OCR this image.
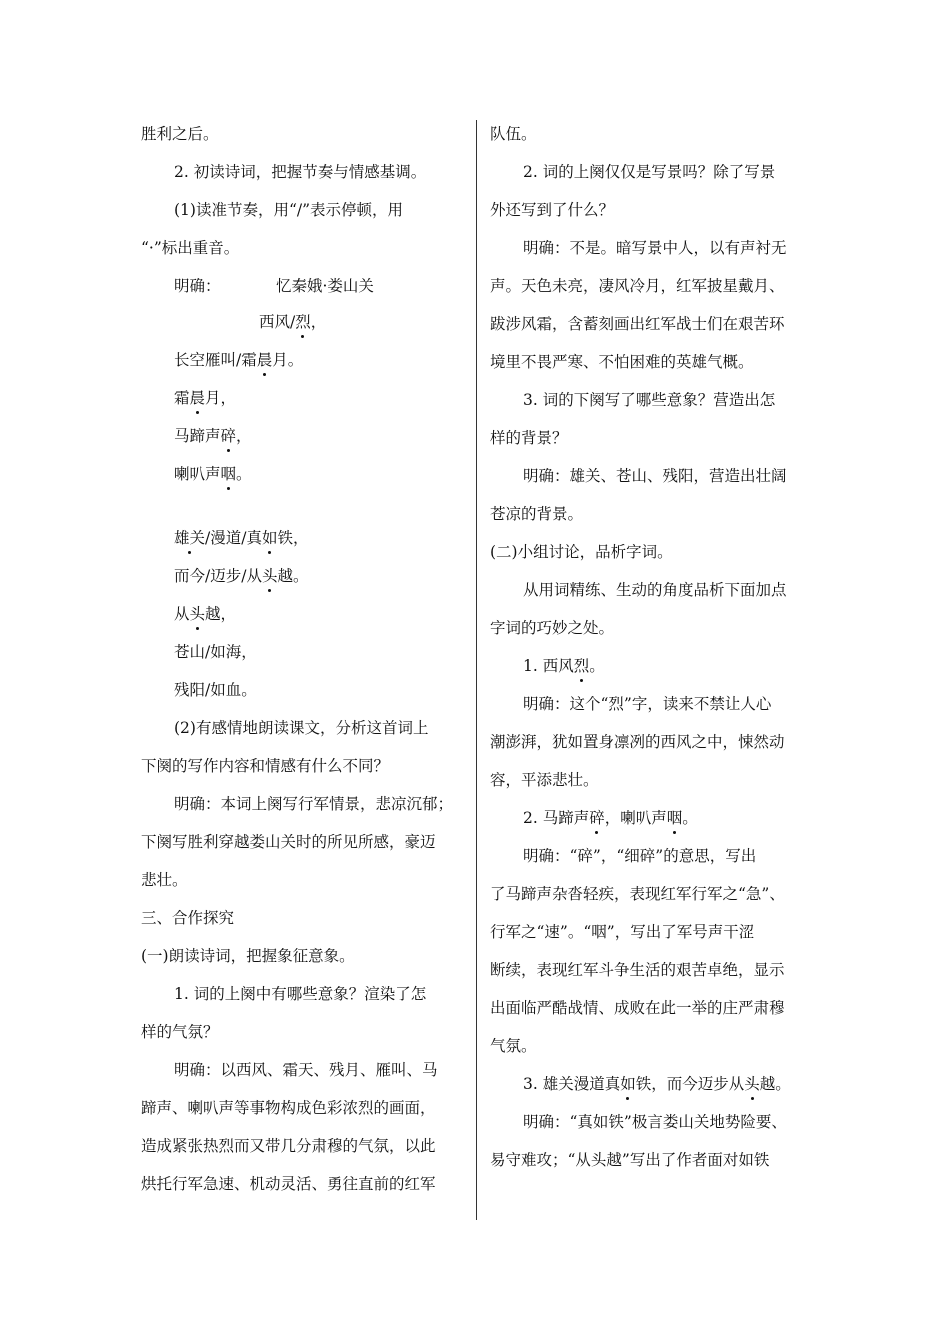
胜利之后。
2. 初读诗词，把握节奏与情感基调。
(1)读准节奏，用“/”表示停顿，用
“·”标出重音。
明确：	忆秦娥·娄山关
西风/烈，
长空雁叫/霜晨月。
霜晨月，
马蹄声碎，
喇叭声咽。
雄关/漫道/真如铁，
而今/迈步/从头越。
从头越，
苍山/如海，
残阳/如血。
(2)有感情地朗读课文，分析这首词上
下阕的写作内容和情感有什么不同？
明确：本词上阕写行军情景，悲凉沉郁；
下阕写胜利穿越娄山关时的所见所感，豪迈
悲壮。
三、合作探究
(一)朗读诗词，把握象征意象。
1. 词的上阕中有哪些意象？渲染了怎
样的气氛？
明确：以西风、霜天、残月、雁叫、马
蹄声、喇叭声等事物构成色彩浓烈的画面，
造成紧张热烈而又带几分肃穆的气氛，以此
烘托行军急速、机动灵活、勇往直前的红军
队伍。
2. 词的上阕仅仅是写景吗？除了写景
外还写到了什么？
明确：不是。暗写景中人，以有声衬无
声。天色未亮，凄风冷月，红军披星戴月、
跋涉风霜，含蓄刻画出红军战士们在艰苦环
境里不畏严寒、不怕困难的英雄气概。
3. 词的下阕写了哪些意象？营造出怎
样的背景？
明确：雄关、苍山、残阳，营造出壮阔
苍凉的背景。
(二)小组讨论，品析字词。
从用词精练、生动的角度品析下面加点
字词的巧妙之处。
1. 西风烈。
明确：这个“烈”字，读来不禁让人心
潮澎湃，犹如置身凛冽的西风之中，悚然动
容，平添悲壮。
2. 马蹄声碎，喇叭声咽。
明确：“碎”，“细碎”的意思，写出
了马蹄声杂沓轻疾，表现红军行军之“急”、
行军之“速”。“咽”，写出了军号声干涩
断续，表现红军斗争生活的艰苦卓绝，显示
出面临严酷战情、成败在此一举的庄严肃穆
气氛。
3. 雄关漫道真如铁，而今迈步从头越。
明确：“真如铁”极言娄山关地势险要、
易守难攻；“从头越”写出了作者面对如铁
